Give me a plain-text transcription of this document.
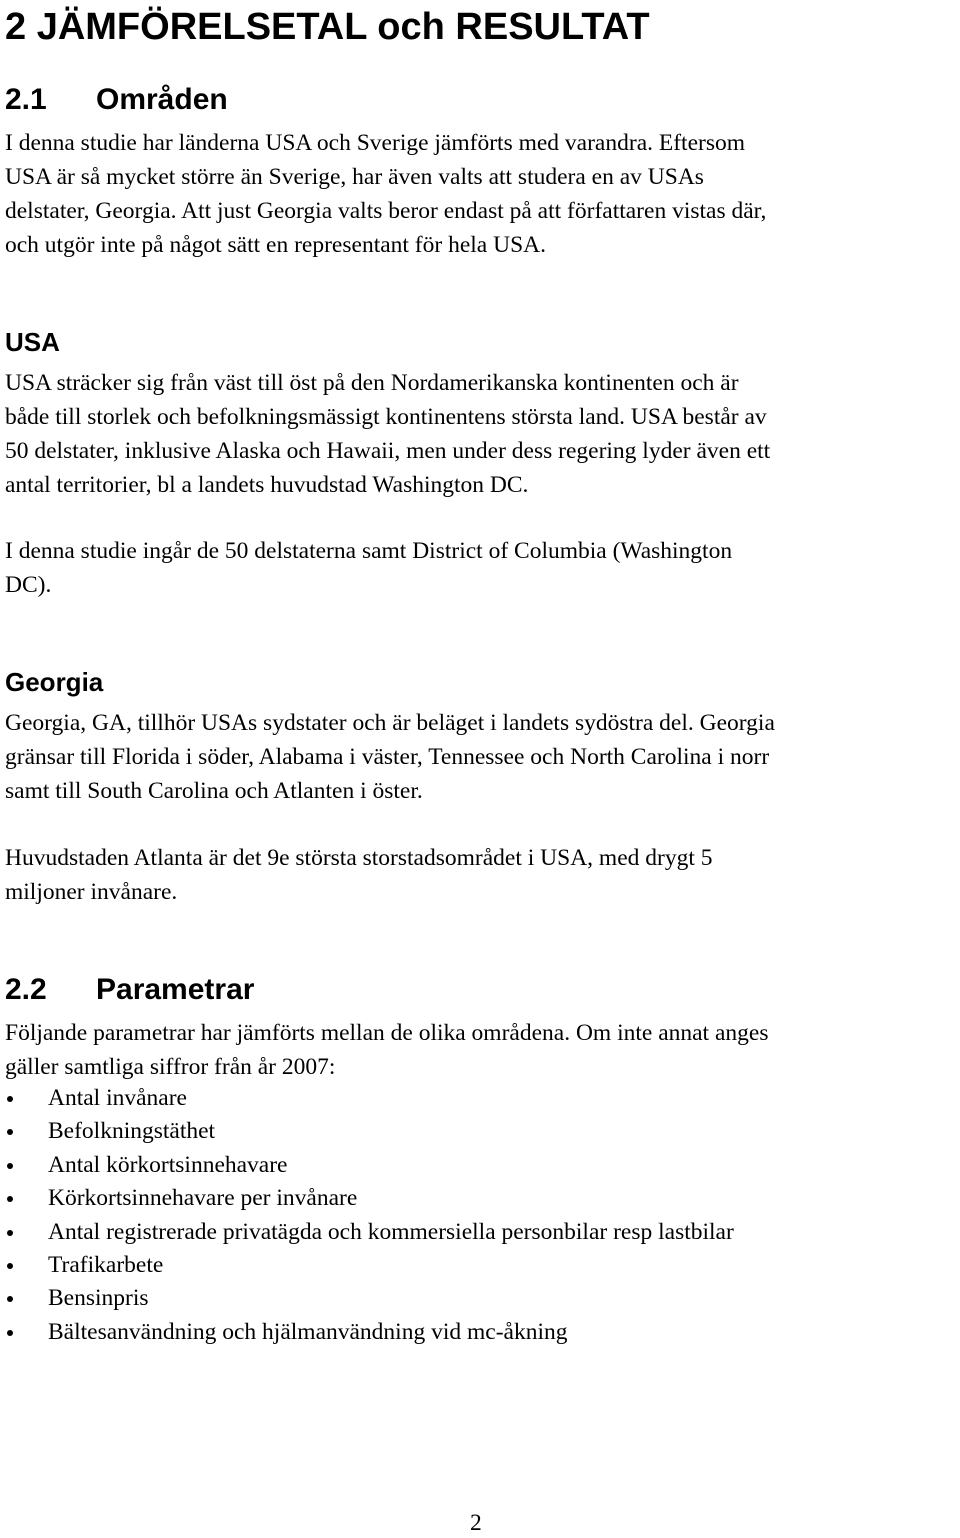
2 JÄMFÖRELSETAL och RESULTAT
2.1 Områden

I denna studie har länderna USA och Sverige jämförts med varandra. Eftersom
USA är så mycket större än Sverige, har även valts att studera en av USAs
delstater, Georgia. Att just Georgia valts beror endast på att författaren vistas där,
och utgör inte på något sätt en representant för hela USA.

USA

USA sträcker sig från väst till öst på den Nordamerikanska kontinenten och är
både till storlek och befolkningsmässigt kontinentens största land. USA består av
50 delstater, inklusive Alaska och Hawaii, men under dess regering lyder även ett
antal territorier, bl a landets huvudstad Washington DC.

I denna studie ingår de 50 delstaterna samt District of Columbia (Washington
DC).

Georgia

Georgia, GA, tillhör USAs sydstater och är beläget i landets sydöstra del. Georgia
gränsar till Florida i söder, Alabama i väster, Tennessee och North Carolina i norr
samt till South Carolina och Atlanten i öster.

Huvudstaden Atlanta är det 9e största storstadsområdet i USA, med drygt 5
miljoner invånare.

2.2 Parametrar

Följande parametrar har jämförts mellan de olika områdena. Om inte annat anges
gäller samtliga siffror från år 2007:

Antal invånare
Befolkningstäthet
Antal körkortsinnehavare
Körkortsinnehavare per invånare
Antal registrerade privatägda och kommersiella personbilar resp lastbilar
Trafikarbete
Bensinpris
Bältesanvändning och hjälmanvändning vid mc-åkning

2
